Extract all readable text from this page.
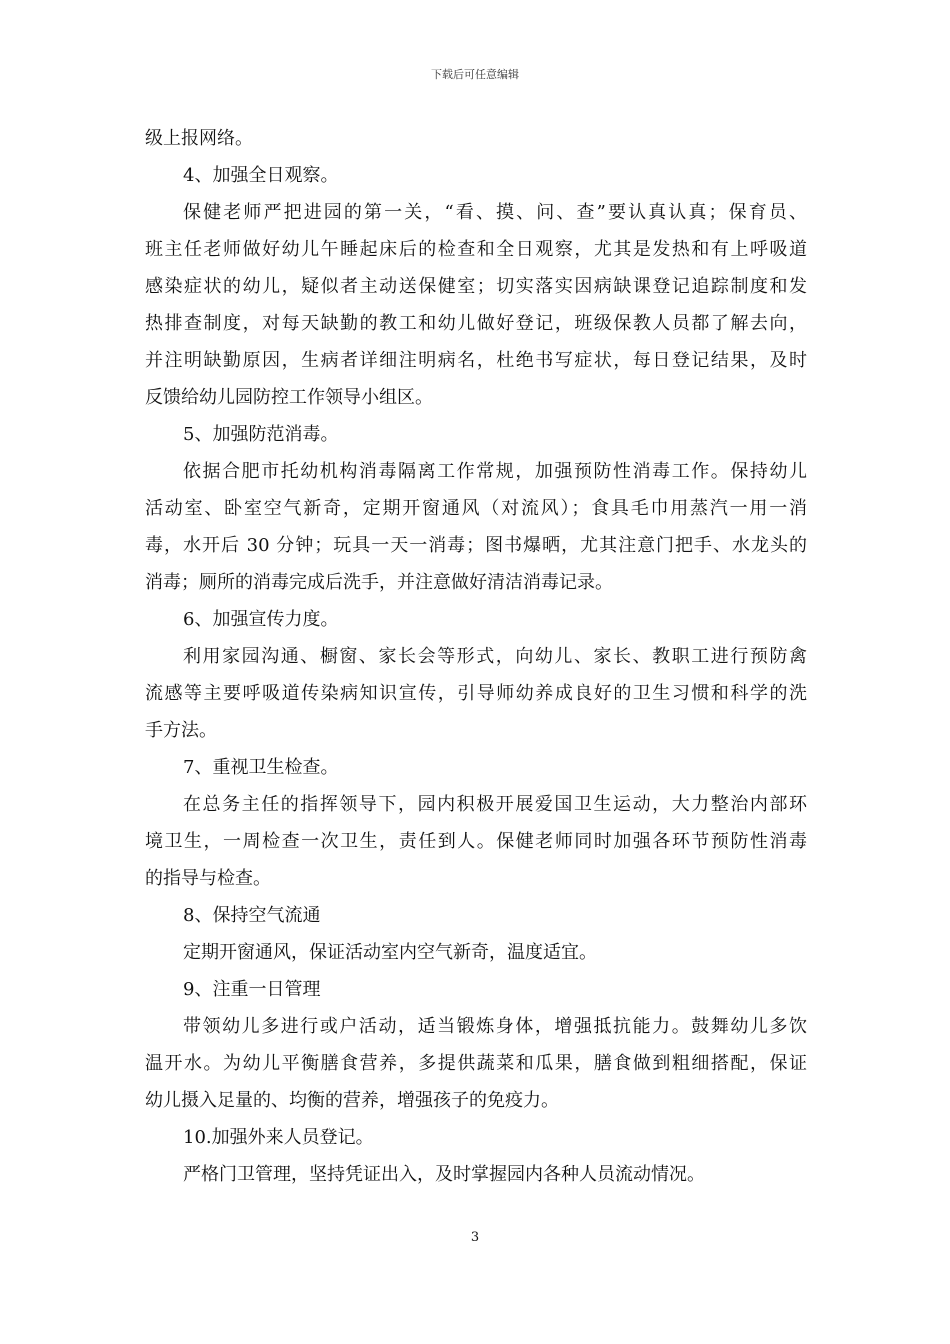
下载后可任意编辑
级上报网络。
4、加强全日观察。
保健老师严把进园的第一关，“看、摸、问、查”要认真认真；保育员、
班主任老师做好幼儿午睡起床后的检查和全日观察，尤其是发热和有上呼吸道
感染症状的幼儿，疑似者主动送保健室；切实落实因病缺课登记追踪制度和发
热排查制度，对每天缺勤的教工和幼儿做好登记，班级保教人员都了解去向，
并注明缺勤原因，生病者详细注明病名，杜绝书写症状，每日登记结果，及时
反馈给幼儿园防控工作领导小组区。
5、加强防范消毒。
依据合肥市托幼机构消毒隔离工作常规，加强预防性消毒工作。保持幼儿
活动室、卧室空气新奇，定期开窗通风（对流风）；食具毛巾用蒸汽一用一消
毒，水开后 30 分钟；玩具一天一消毒；图书爆晒，尤其注意门把手、水龙头的
消毒；厕所的消毒完成后洗手，并注意做好清洁消毒记录。
6、加强宣传力度。
利用家园沟通、橱窗、家长会等形式，向幼儿、家长、教职工进行预防禽
流感等主要呼吸道传染病知识宣传，引导师幼养成良好的卫生习惯和科学的洗
手方法。
7、重视卫生检查。
在总务主任的指挥领导下，园内积极开展爱国卫生运动，大力整治内部环
境卫生，一周检查一次卫生，责任到人。保健老师同时加强各环节预防性消毒
的指导与检查。
8、保持空气流通
定期开窗通风，保证活动室内空气新奇，温度适宜。
9、注重一日管理
带领幼儿多进行或户活动，适当锻炼身体，增强抵抗能力。鼓舞幼儿多饮
温开水。为幼儿平衡膳食营养，多提供蔬菜和瓜果，膳食做到粗细搭配，保证
幼儿摄入足量的、均衡的营养，增强孩子的免疫力。
10.加强外来人员登记。
严格门卫管理，坚持凭证出入，及时掌握园内各种人员流动情况。
3
